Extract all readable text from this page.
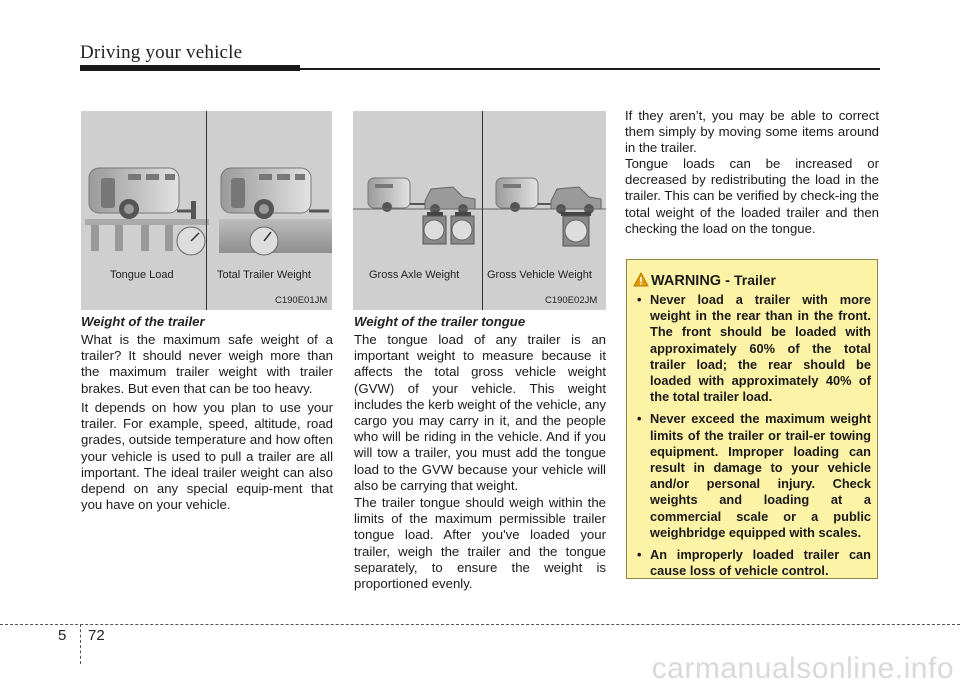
Driving your vehicle
Tongue Load	Total Trailer Weight
C190E01JM
Gross Axle Weight	Gross Vehicle Weight
C190E02JM
Weight of the trailer
What is the maximum safe weight of a trailer? It should never weigh more than the maximum trailer weight with trailer brakes. But even that can be too heavy.
It depends on how you plan to use your trailer. For example, speed, altitude, road grades, outside temperature and how often your vehicle is used to pull a trailer are all important. The ideal trailer weight can also depend on any special equip-ment that you have on your vehicle.
Weight of the trailer tongue
The tongue load of any trailer is an important weight to measure because it affects the total gross vehicle weight (GVW) of your vehicle. This weight includes the kerb weight of the vehicle, any cargo you may carry in it, and the people who will be riding in the vehicle. And if you will tow a trailer, you must add the tongue load to the GVW because your vehicle will also be carrying that weight.
The trailer tongue should weigh within the limits of the maximum permissible trailer tongue load. After you've loaded your trailer, weigh the trailer and the tongue separately, to ensure the weight is proportioned evenly.
If they aren’t, you may be able to correct them simply by moving some items around in the trailer.
Tongue loads can be increased or decreased by redistributing the load in the trailer. This can be verified by check-ing the total weight of the loaded trailer and then checking the load on the tongue.
WARNING - Trailer
• Never load a trailer with more weight in the rear than in the front. The front should be loaded with approximately 60% of the total trailer load; the rear should be loaded with approximately 40% of the total trailer load.
• Never exceed the maximum weight limits of the trailer or trail-er towing equipment. Improper loading can result in damage to your vehicle and/or personal injury. Check weights and loading at a commercial scale or a public weighbridge equipped with scales.
• An improperly loaded trailer can cause loss of vehicle control.
5 72
carmanualsonline.info
